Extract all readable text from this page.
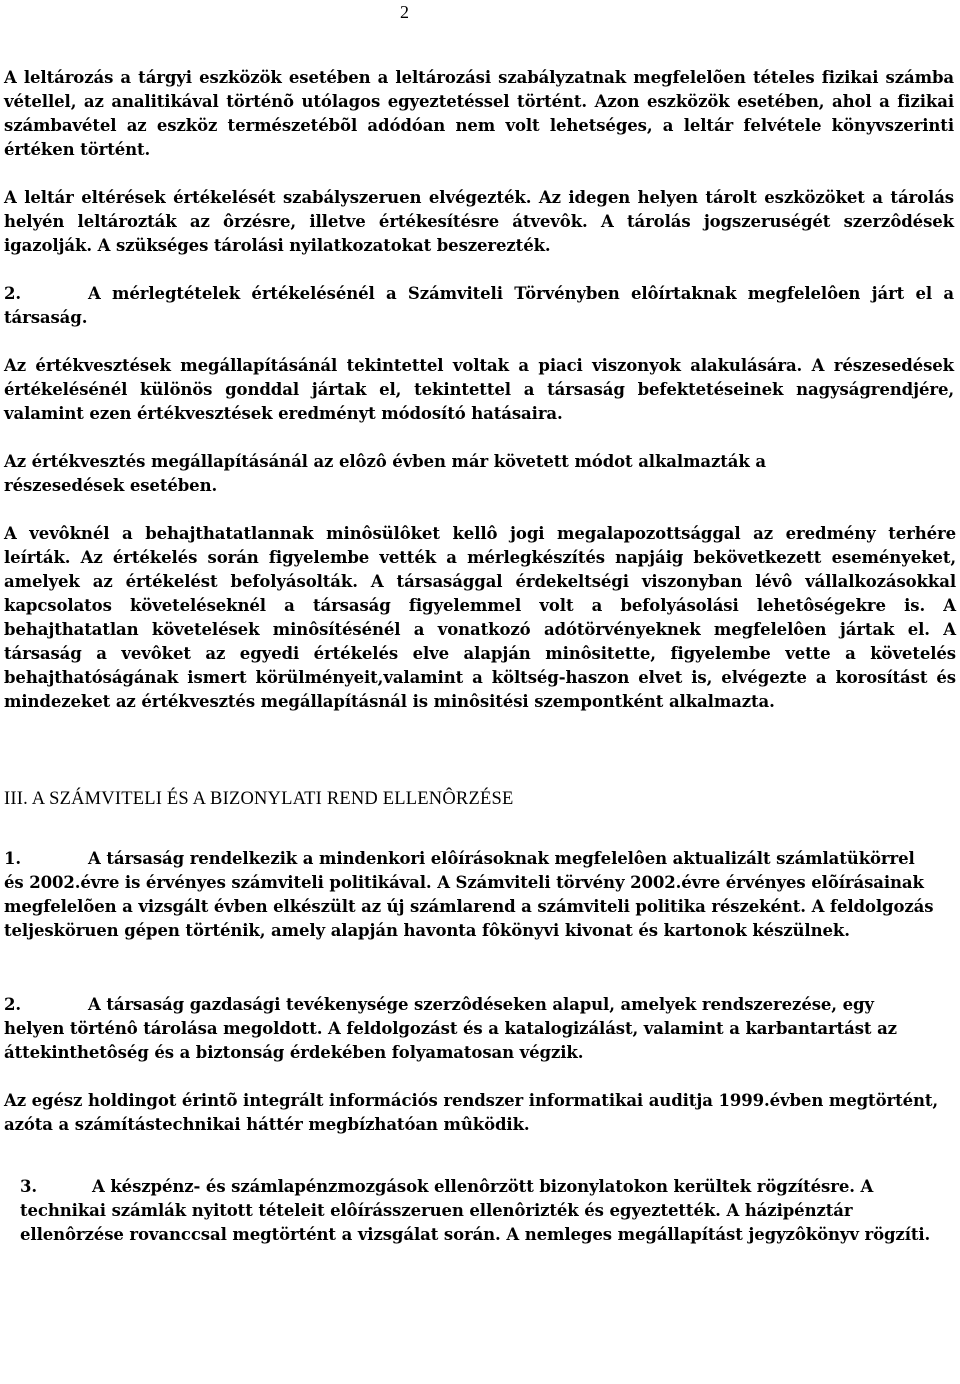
2

A leltározás a tárgyi eszközök esetében a leltározási szabályzatnak megfelelõen tételes fizikai számba vétellel, az analitikával történõ utólagos egyeztetéssel történt. Azon eszközök esetében, ahol a fizikai számbavétel az eszköz természetébõl adódóan nem volt lehetséges, a leltár felvétele könyvszerinti értéken történt.

A leltár eltérések értékelését szabályszeruen elvégezték. Az idegen helyen tárolt eszközöket a tárolás helyén leltározták az ôrzésre, illetve értékesítésre átvevôk. A tárolás jogszeruségét szerzôdések igazolják. A szükséges tárolási nyilatkozatokat beszerezték.

2.	A mérlegtételek értékelésénél a Számviteli Törvényben elôírtaknak megfelelôen járt el a társaság.

Az értékvesztések megállapításánál tekintettel voltak a piaci viszonyok alakulására. A részesedések értékelésénél különös gonddal jártak el, tekintettel a társaság befektetéseinek nagyságrendjére, valamint ezen értékvesztések eredményt módosító hatásaira.

Az értékvesztés megállapításánál az elôzô évben már követett módot alkalmazták a részesedések esetében.

A vevôknél a behajthatatlannak minôsülôket kellô jogi megalapozottsággal az eredmény terhére leírták. Az értékelés során figyelembe vették a mérlegkészítés napjáig bekövetkezett eseményeket, amelyek az értékelést befolyásolták. A társasággal érdekeltségi viszonyban lévô vállalkozásokkal kapcsolatos követeléseknél a társaság figyelemmel volt a befolyásolási lehetôségekre is. A behajthatatlan követelések minôsítésénél a vonatkozó adótörvényeknek megfelelôen jártak el. A társaság a vevôket az egyedi értékelés elve alapján minôsitette, figyelembe vette a követelés behajthatóságának ismert körülményeit,valamint a költség-haszon elvet is, elvégezte a korosítást és mindezeket az értékvesztés megállapításnál is minôsitési szempontként alkalmazta.

III. A SZÁMVITELI ÉS A BIZONYLATI REND ELLENÔRZÉSE

1.	A társaság rendelkezik a mindenkori elôírásoknak megfelelôen aktualizált számlatükörrel és 2002.évre is érvényes számviteli politikával. A Számviteli törvény 2002.évre érvényes elõírásainak megfelelõen a vizsgált évben elkészült az új számlarend a számviteli politika részeként. A feldolgozás teljesköruen gépen történik, amely alapján havonta fôkönyvi kivonat és kartonok készülnek.

2.	A társaság gazdasági tevékenysége szerzôdéseken alapul, amelyek rendszerezése, egy helyen történô tárolása megoldott. A feldolgozást és a katalogizálást, valamint a karbantartást az áttekinthetôség és a biztonság érdekében folyamatosan végzik.

Az egész holdingot érintõ integrált információs rendszer informatikai auditja 1999.évben megtörtént, azóta a számítástechnikai háttér megbízhatóan mûködik.

3.	A készpénz- és számlapénzmozgások ellenôrzött bizonylatokon kerültek rögzítésre. A technikai számlák nyitott tételeit elôírásszeruen ellenôrizték és egyeztették. A házipénztár ellenôrzése rovanccsal megtörtént a vizsgálat során. A nemleges megállapítást jegyzôkönyv rögzíti.
